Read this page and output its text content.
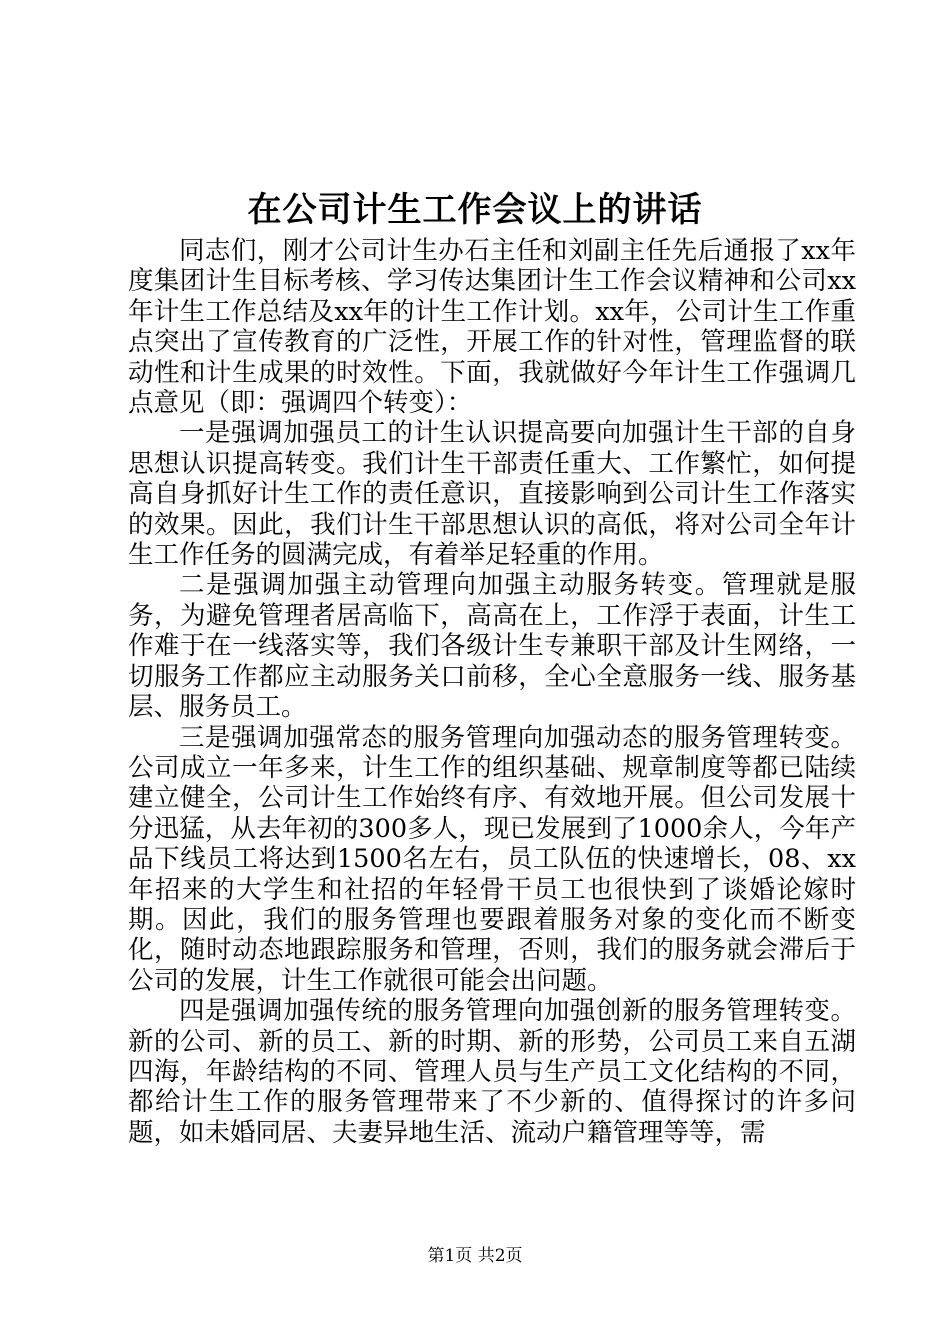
在公司计生工作会议上的讲话

同志们，刚才公司计生办石主任和刘副主任先后通报了xx年度集团计生目标考核、学习传达集团计生工作会议精神和公司xx年计生工作总结及xx年的计生工作计划。xx年，公司计生工作重点突出了宣传教育的广泛性，开展工作的针对性，管理监督的联动性和计生成果的时效性。下面，我就做好今年计生工作强调几点意见（即：强调四个转变）：

一是强调加强员工的计生认识提高要向加强计生干部的自身思想认识提高转变。我们计生干部责任重大、工作繁忙，如何提高自身抓好计生工作的责任意识，直接影响到公司计生工作落实的效果。因此，我们计生干部思想认识的高低，将对公司全年计生工作任务的圆满完成，有着举足轻重的作用。

二是强调加强主动管理向加强主动服务转变。管理就是服务，为避免管理者居高临下，高高在上，工作浮于表面，计生工作难于在一线落实等，我们各级计生专兼职干部及计生网络，一切服务工作都应主动服务关口前移，全心全意服务一线、服务基层、服务员工。

三是强调加强常态的服务管理向加强动态的服务管理转变。公司成立一年多来，计生工作的组织基础、规章制度等都已陆续建立健全，公司计生工作始终有序、有效地开展。但公司发展十分迅猛，从去年初的300多人，现已发展到了1000余人，今年产品下线员工将达到1500名左右，员工队伍的快速增长，08、xx年招来的大学生和社招的年轻骨干员工也很快到了谈婚论嫁时期。因此，我们的服务管理也要跟着服务对象的变化而不断变化，随时动态地跟踪服务和管理，否则，我们的服务就会滞后于公司的发展，计生工作就很可能会出问题。

四是强调加强传统的服务管理向加强创新的服务管理转变。新的公司、新的员工、新的时期、新的形势，公司员工来自五湖四海，年龄结构的不同、管理人员与生产员工文化结构的不同，都给计生工作的服务管理带来了不少新的、值得探讨的许多问题，如未婚同居、夫妻异地生活、流动户籍管理等等，需

第1页 共2页
